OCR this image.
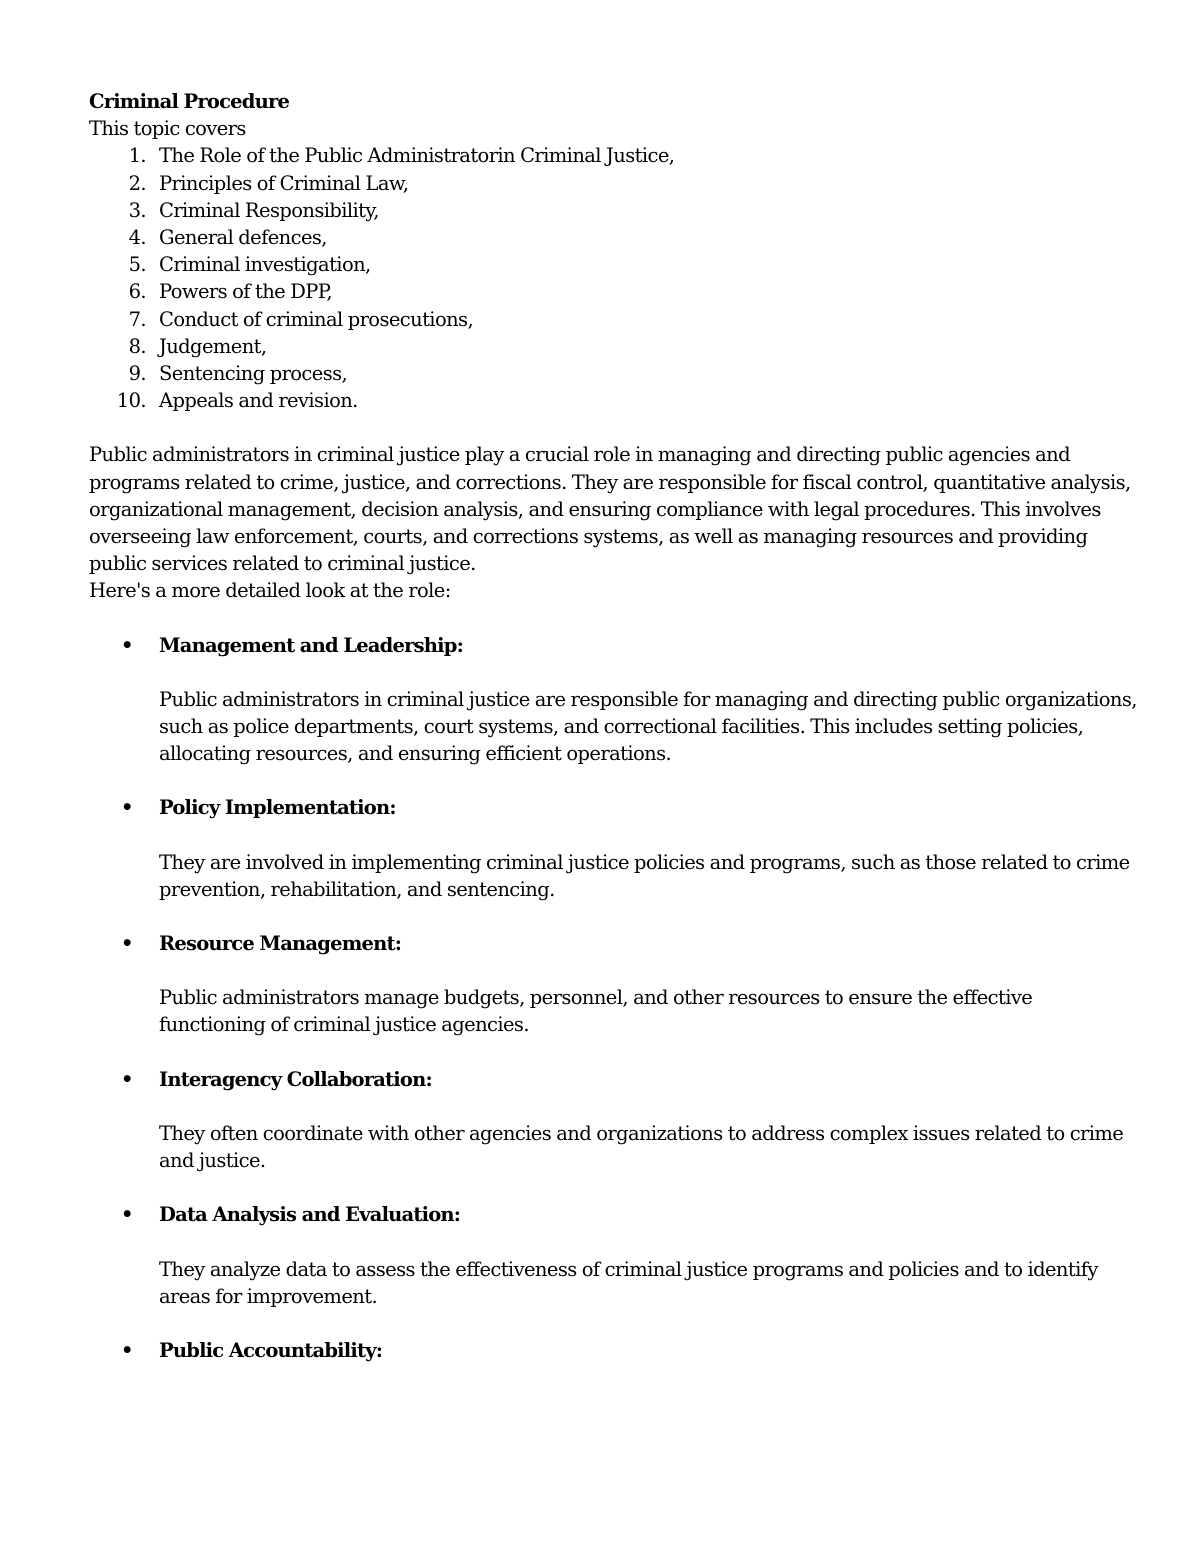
Criminal Procedure

This topic covers

1. The Role of the Public Administratorin Criminal Justice,
2. Principles of Criminal Law,
3. Criminal Responsibility,
4. General defences,
5. Criminal investigation,
6. Powers of the DPP,
7. Conduct of criminal prosecutions,
8. Judgement,
9. Sentencing process,
10. Appeals and revision.

Public administrators in criminal justice play a crucial role in managing and directing public agencies and programs related to crime, justice, and corrections. They are responsible for fiscal control, quantitative analysis, organizational management, decision analysis, and ensuring compliance with legal procedures. This involves overseeing law enforcement, courts, and corrections systems, as well as managing resources and providing public services related to criminal justice.

Here's a more detailed look at the role:

• Management and Leadership:
Public administrators in criminal justice are responsible for managing and directing public organizations, such as police departments, court systems, and correctional facilities. This includes setting policies, allocating resources, and ensuring efficient operations.
• Policy Implementation:
They are involved in implementing criminal justice policies and programs, such as those related to crime prevention, rehabilitation, and sentencing.
• Resource Management:
Public administrators manage budgets, personnel, and other resources to ensure the effective functioning of criminal justice agencies.
• Interagency Collaboration:
They often coordinate with other agencies and organizations to address complex issues related to crime and justice.
• Data Analysis and Evaluation:
They analyze data to assess the effectiveness of criminal justice programs and policies and to identify areas for improvement.
• Public Accountability:
